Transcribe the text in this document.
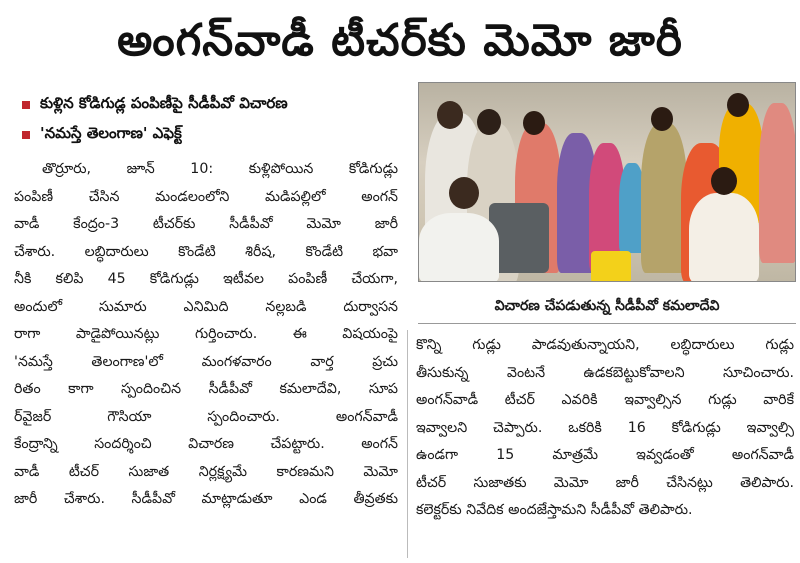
అంగన్‌వాడీ టీచర్‌కు మెమో జారీ
కుళ్లిన కోడిగుడ్ల పంపిణీపై సీడీపీవో విచారణ
'నమస్తే తెలంగాణ' ఎఫెక్ట్
తొర్రూరు, జూన్ 10: కుళ్లిపోయిన కోడిగుడ్లు
పంపిణీ చేసిన మండలంలోని మడిపల్లిలో అంగన్
వాడీ కేంద్రం-3 టీచర్‌కు సీడీపీవో మెమో జారీ
చేశారు. లబ్ధిదారులు కొండేటి శిరీష, కొండేటి భవా
నీకి కలిపి 45 కోడిగుడ్లు ఇటీవల పంపిణీ చేయగా,
అందులో సుమారు ఎనిమిది నల్లబడి దుర్వాసన
రాగా పాడైపోయినట్లు గుర్తించారు. ఈ విషయంపై
'నమస్తే తెలంగాణ'లో మంగళవారం వార్త ప్రచు
రితం కాగా స్పందించిన సీడీపీవో కమలాదేవి, సూప
ర్‌వైజర్ గౌసియా స్పందించారు. అంగన్‌వాడీ
కేంద్రాన్ని సందర్శించి విచారణ చేపట్టారు. అంగన్
వాడీ టీచర్ సుజాత నిర్లక్ష్యమే కారణమని మెమో
జారీ చేశారు. సీడీపీవో మాట్లాడుతూ ఎండ తీవ్రతకు
విచారణ చేపడుతున్న సీడీపీవో కమలాదేవి
కొన్ని గుడ్లు పాడవుతున్నాయని, లబ్ధిదారులు గుడ్లు
తీసుకున్న వెంటనే ఉడకబెట్టుకోవాలని సూచించారు.
అంగన్‌వాడీ టీచర్ ఎవరికి ఇవ్వాల్సిన గుడ్లు వారికే
ఇవ్వాలని చెప్పారు. ఒకరికి 16 కోడిగుడ్లు ఇవ్వాల్సి
ఉండగా 15 మాత్రమే ఇవ్వడంతో అంగన్‌వాడీ
టీచర్ సుజాతకు మెమో జారీ చేసినట్లు తెలిపారు.
కలెక్టర్‌కు నివేదిక అందజేస్తామని సీడీపీవో తెలిపారు.
